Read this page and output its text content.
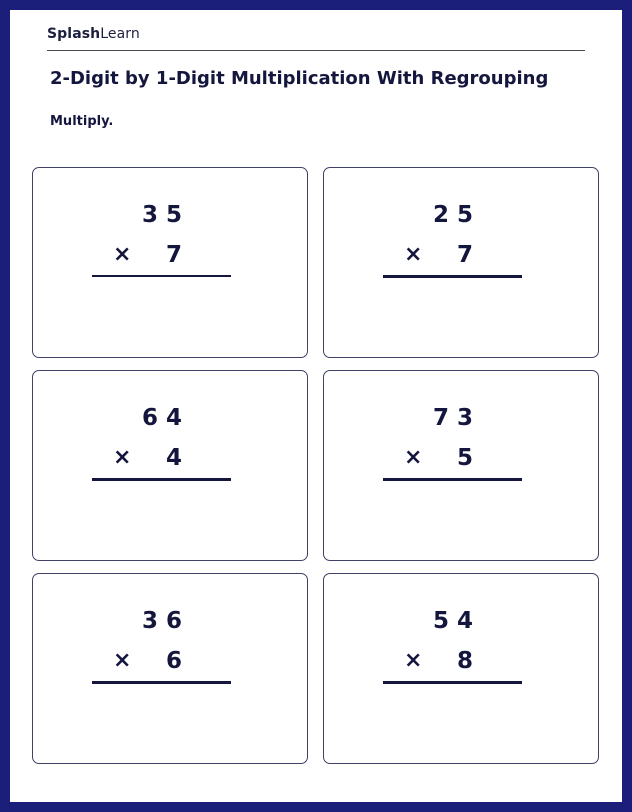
SplashLearn
2-Digit by 1-Digit Multiplication With Regrouping
Multiply.
35
× 7
25
× 7
64
× 4
73
× 5
36
× 6
54
× 8
